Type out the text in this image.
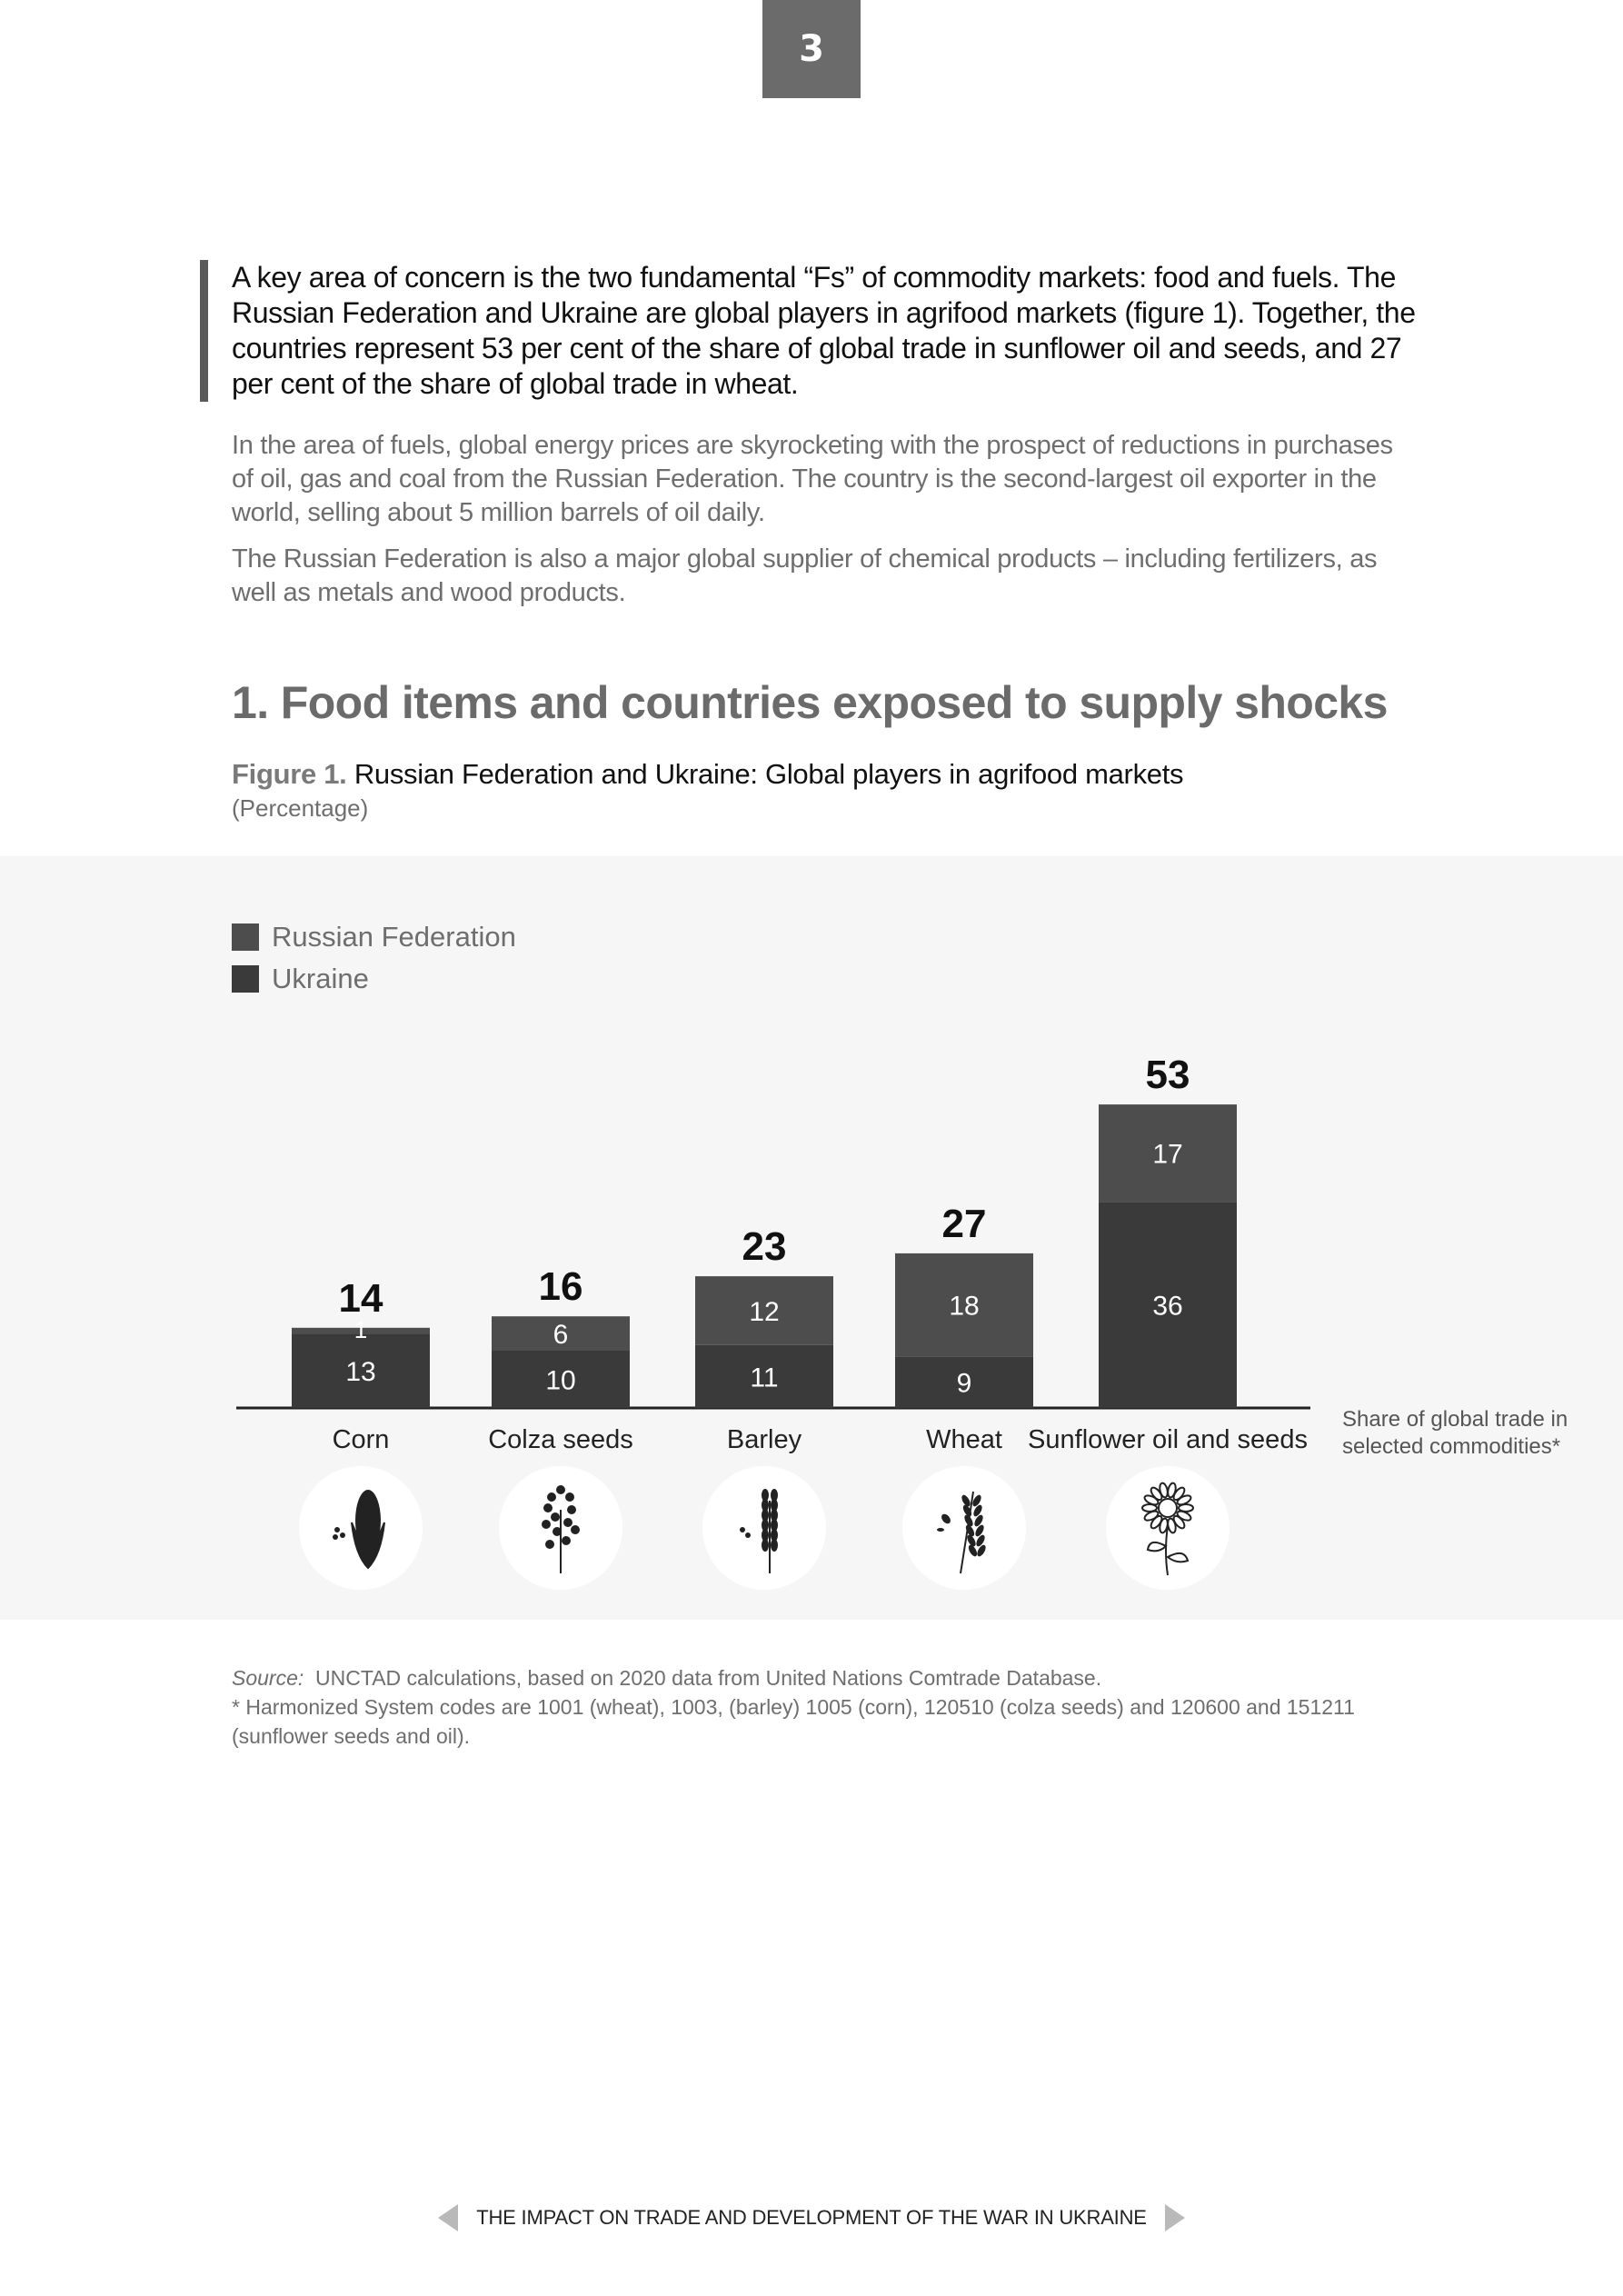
3
A key area of concern is the two fundamental “Fs” of commodity markets: food and fuels. The Russian Federation and Ukraine are global players in agrifood markets (figure 1). Together, the countries represent 53 per cent of the share of global trade in sunflower oil and seeds, and 27 per cent of the share of global trade in wheat.
In the area of fuels, global energy prices are skyrocketing with the prospect of reductions in purchases of oil, gas and coal from the Russian Federation. The country is the second-largest oil exporter in the world, selling about 5 million barrels of oil daily.
The Russian Federation is also a major global supplier of chemical products – including fertilizers, as well as metals and wood products.
1. Food items and countries exposed to supply shocks
Figure 1. Russian Federation and Ukraine: Global players in agrifood markets
(Percentage)
Russian Federation
Ukraine
13
1
14
Corn
10
6
16
Colza seeds
11
12
23
Barley
9
18
27
Wheat
36
17
53
Sunflower oil and seeds
Share of global trade in
selected commodities*
Source: UNCTAD calculations, based on 2020 data from United Nations Comtrade Database.
* Harmonized System codes are 1001 (wheat), 1003, (barley) 1005 (corn), 120510 (colza seeds) and 120600 and 151211 (sunflower seeds and oil).
THE IMPACT ON TRADE AND DEVELOPMENT OF THE WAR IN UKRAINE
